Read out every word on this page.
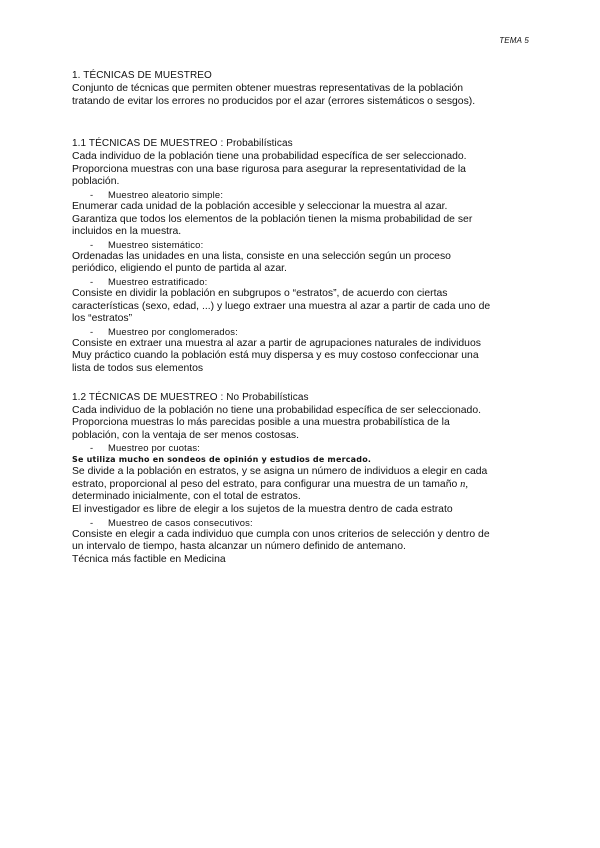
TEMA 5
1. TÉCNICAS DE MUESTREO
Conjunto de técnicas que permiten obtener muestras representativas de la población
tratando de evitar los errores no producidos por el azar (errores sistemáticos o sesgos).
1.1 TÉCNICAS DE MUESTREO : Probabilísticas
Cada individuo de la población tiene una probabilidad específica de ser seleccionado.
Proporciona muestras con una base rigurosa para asegurar la representatividad de la
población.
- Muestreo aleatorio simple:
Enumerar cada unidad de la población accesible y seleccionar la muestra al azar.
Garantiza que todos los elementos de la población tienen la misma probabilidad de ser
incluidos en la muestra.
- Muestreo sistemático:
Ordenadas las unidades en una lista, consiste en una selección según un proceso
periódico, eligiendo el punto de partida al azar.
- Muestreo estratificado:
Consiste en dividir la población en subgrupos o “estratos”, de acuerdo con ciertas
características (sexo, edad, ...) y luego extraer una muestra al azar a partir de cada uno de
los “estratos”
- Muestreo por conglomerados:
Consiste en extraer una muestra al azar a partir de agrupaciones naturales de individuos
Muy práctico cuando la población está muy dispersa y es muy costoso confeccionar una
lista de todos sus elementos
1.2 TÉCNICAS DE MUESTREO : No Probabilísticas
Cada individuo de la población no tiene una probabilidad específica de ser seleccionado.
Proporciona muestras lo más parecidas posible a una muestra probabilística de la
población, con la ventaja de ser menos costosas.
- Muestreo por cuotas:
Se utiliza mucho en sondeos de opinión y estudios de mercado.
Se divide a la población en estratos, y se asigna un número de individuos a elegir en cada
estrato, proporcional al peso del estrato, para configurar una muestra de un tamaño n,
determinado inicialmente, con el total de estratos.
El investigador es libre de elegir a los sujetos de la muestra dentro de cada estrato
- Muestreo de casos consecutivos:
Consiste en elegir a cada individuo que cumpla con unos criterios de selección y dentro de
un intervalo de tiempo, hasta alcanzar un número definido de antemano.
Técnica más factible en Medicina
